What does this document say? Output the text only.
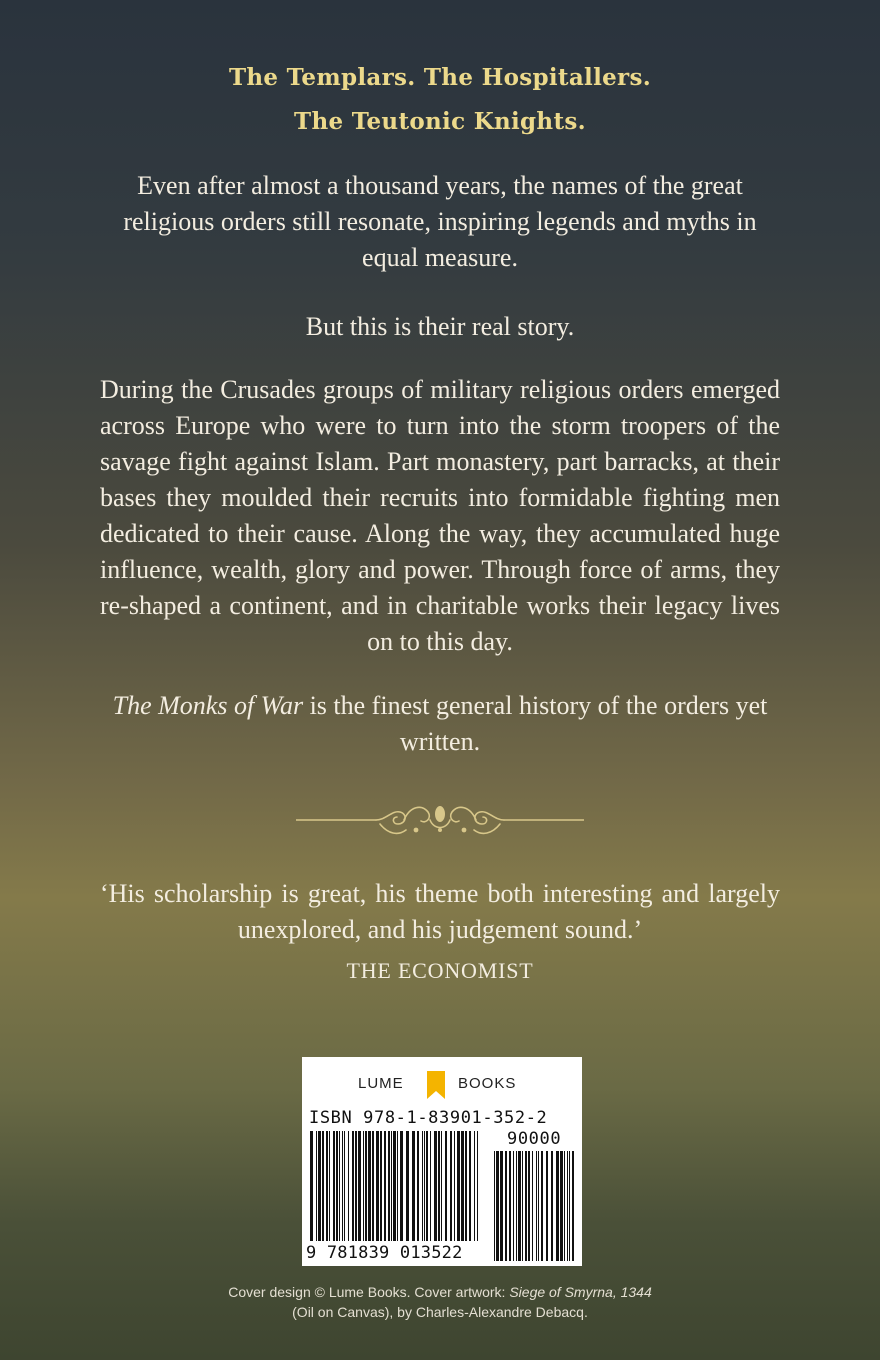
The Templars. The Hospitallers.
The Teutonic Knights.
Even after almost a thousand years, the names of the great religious orders still resonate, inspiring legends and myths in equal measure.
But this is their real story.
During the Crusades groups of military religious orders emerged across Europe who were to turn into the storm troopers of the savage fight against Islam. Part monastery, part barracks, at their bases they moulded their recruits into formidable fighting men dedicated to their cause. Along the way, they accumulated huge influence, wealth, glory and power. Through force of arms, they re-shaped a continent, and in charitable works their legacy lives on to this day.
The Monks of War is the finest general history of the orders yet written.
‘His scholarship is great, his theme both interesting and largely unexplored, and his judgement sound.’
THE ECONOMIST
LUME	BOOKS
ISBN 978-1-83901-352-2
90000
9 781839 013522
Cover design © Lume Books. Cover artwork: Siege of Smyrna, 1344
(Oil on Canvas), by Charles-Alexandre Debacq.
